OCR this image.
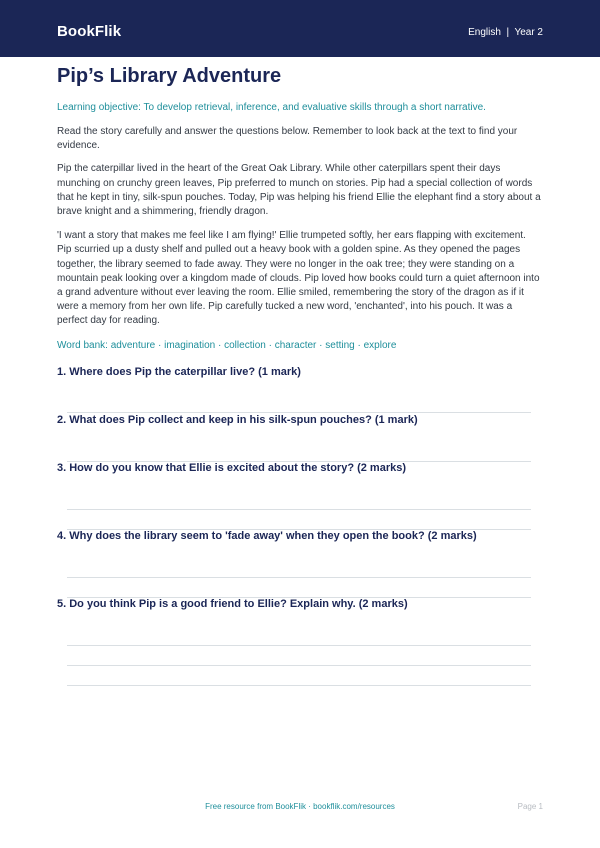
BookFlik	English  |  Year 2
Pip’s Library Adventure

Learning objective: To develop retrieval, inference, and evaluative skills through a short narrative.

Read the story carefully and answer the questions below. Remember to look back at the text to find your evidence.

Pip the caterpillar lived in the heart of the Great Oak Library. While other caterpillars spent their days munching on crunchy green leaves, Pip preferred to munch on stories. Pip had a special collection of words that he kept in tiny, silk-spun pouches. Today, Pip was helping his friend Ellie the elephant find a story about a brave knight and a shimmering, friendly dragon.

'I want a story that makes me feel like I am flying!' Ellie trumpeted softly, her ears flapping with excitement. Pip scurried up a dusty shelf and pulled out a heavy book with a golden spine. As they opened the pages together, the library seemed to fade away. They were no longer in the oak tree; they were standing on a mountain peak looking over a kingdom made of clouds. Pip loved how books could turn a quiet afternoon into a grand adventure without ever leaving the room. Ellie smiled, remembering the story of the dragon as if it were a memory from her own life. Pip carefully tucked a new word, 'enchanted', into his pouch. It was a perfect day for reading.

Word bank: adventure · imagination · collection · character · setting · explore

1. Where does Pip the caterpillar live? (1 mark)
2. What does Pip collect and keep in his silk-spun pouches? (1 mark)
3. How do you know that Ellie is excited about the story? (2 marks)
4. Why does the library seem to 'fade away' when they open the book? (2 marks)
5. Do you think Pip is a good friend to Ellie? Explain why. (2 marks)
Free resource from BookFlik · bookflik.com/resources	Page 1
